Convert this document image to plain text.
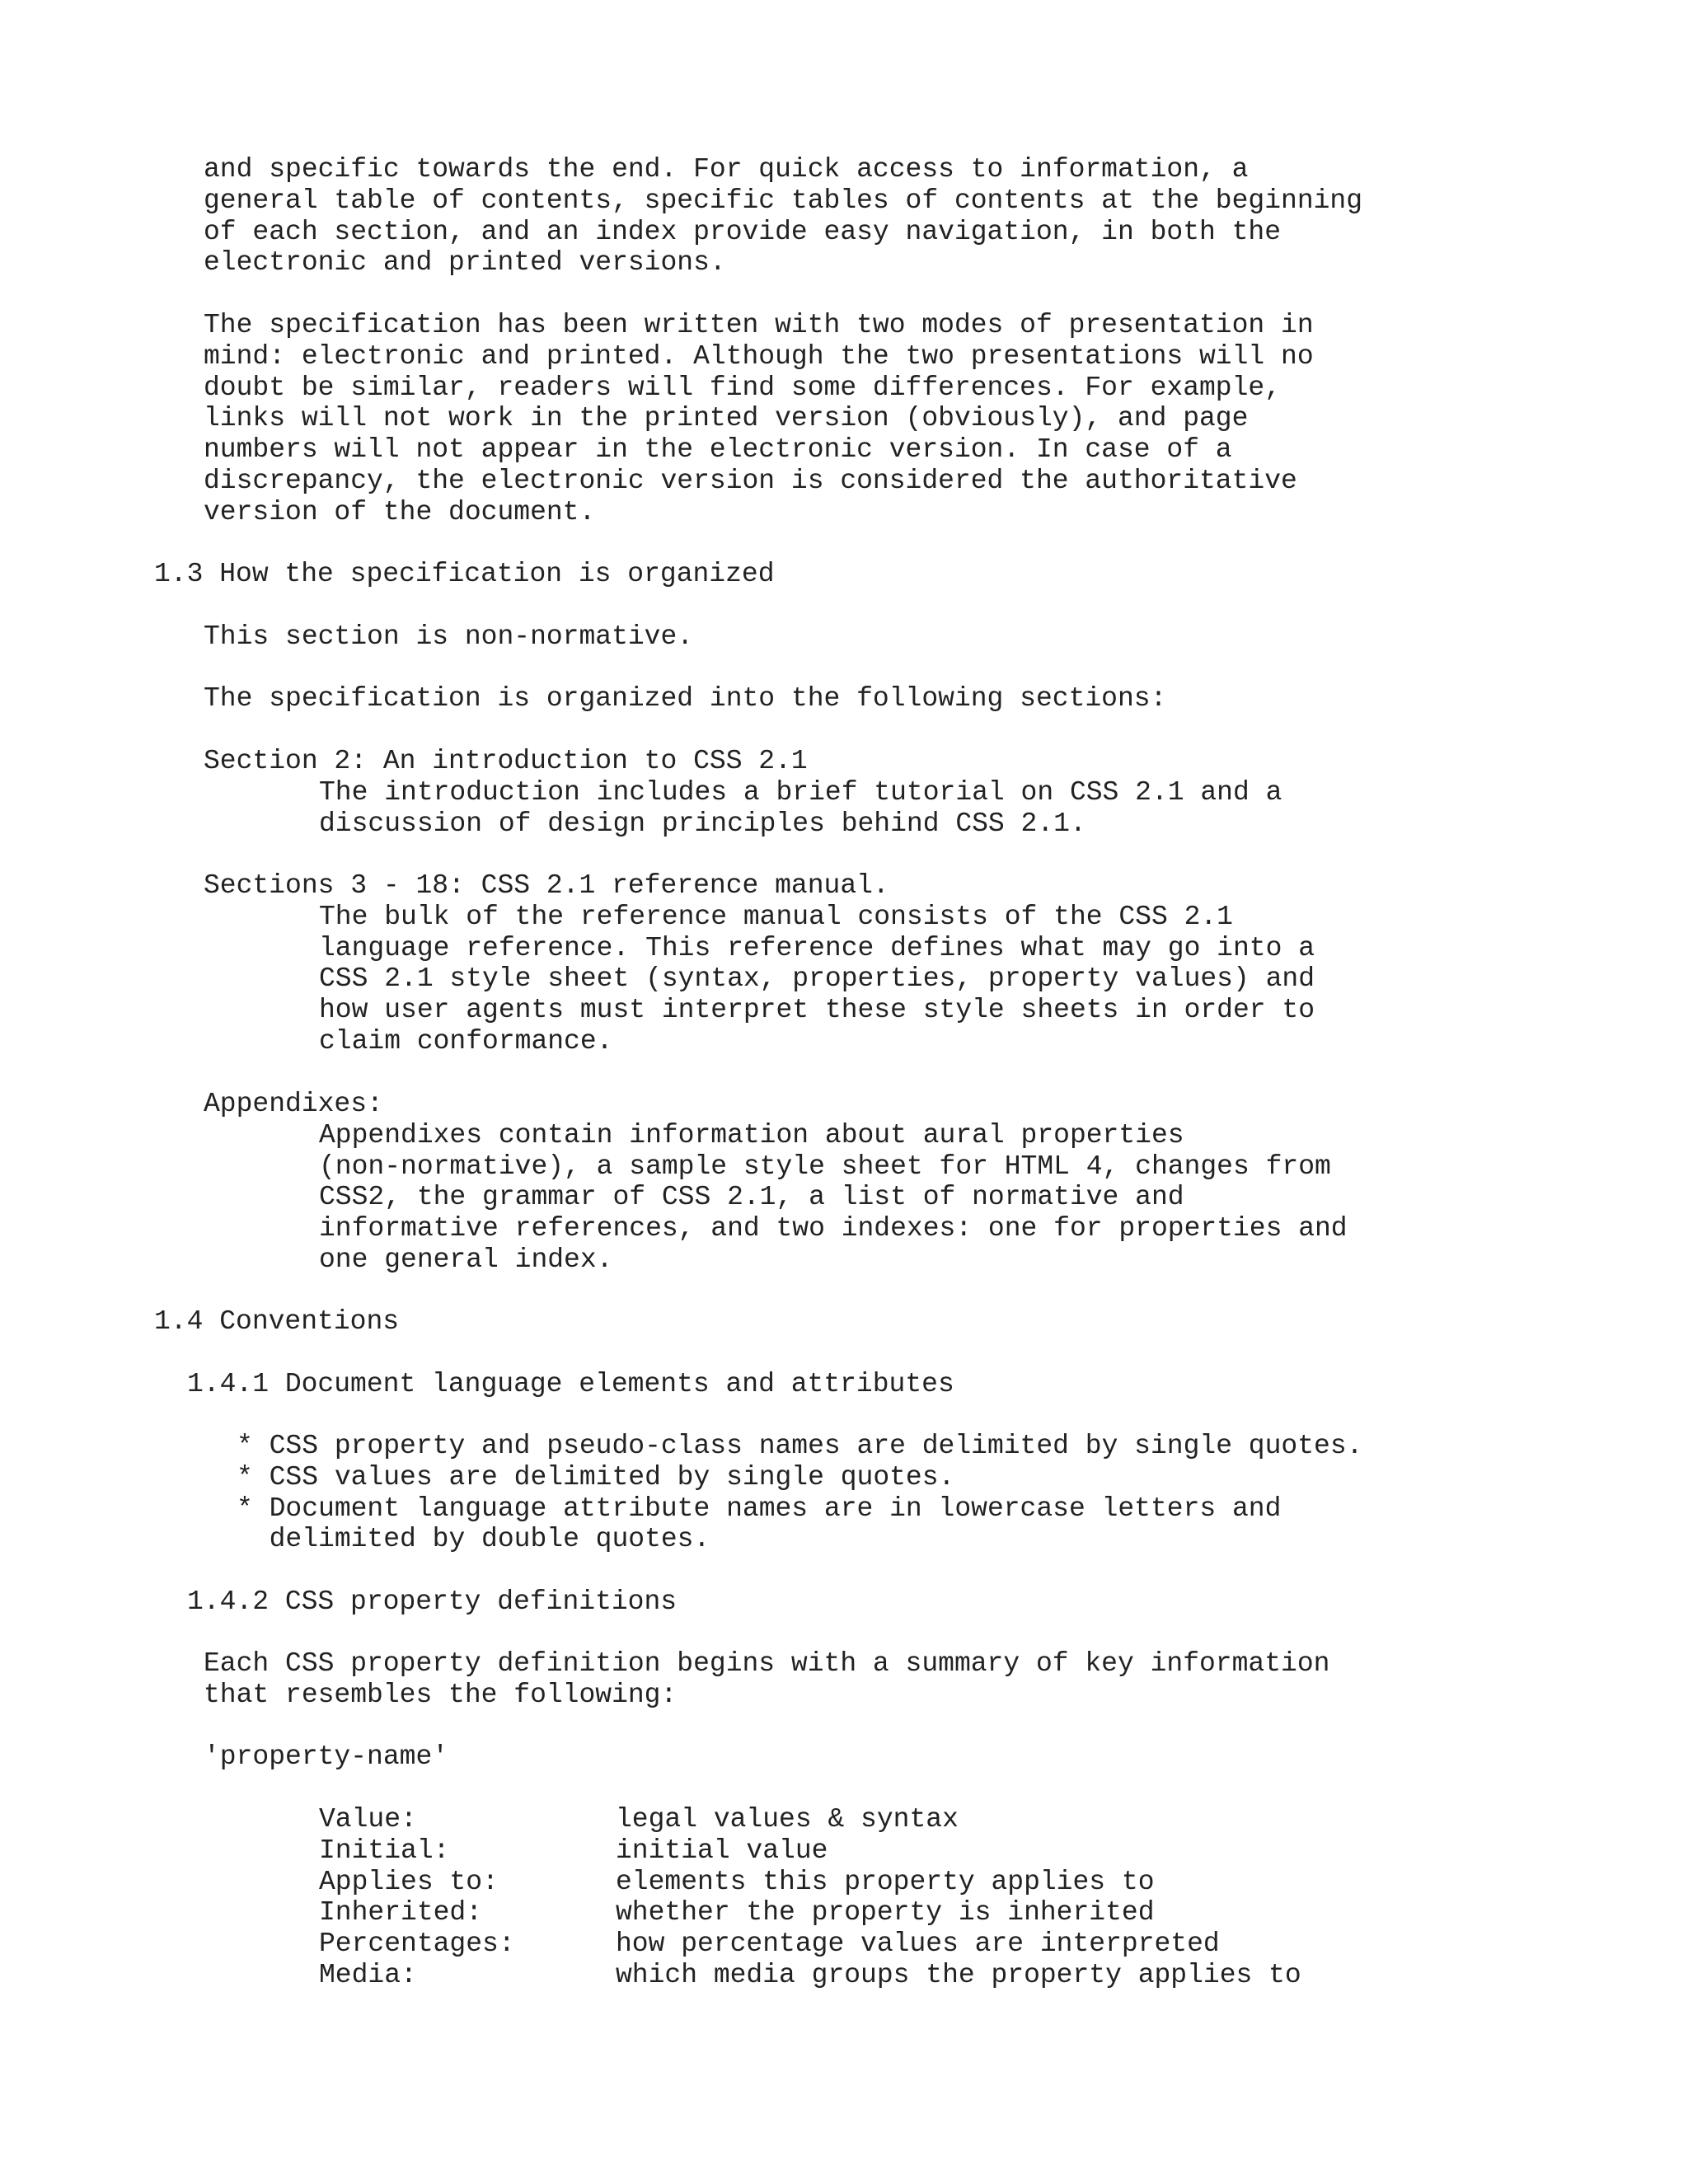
and specific towards the end. For quick access to information, a

general table of contents, specific tables of contents at the beginning

of each section, and an index provide easy navigation, in both the

electronic and printed versions.

The specification has been written with two modes of presentation in

mind: electronic and printed. Although the two presentations will no

doubt be similar, readers will find some differences. For example,

links will not work in the printed version (obviously), and page

numbers will not appear in the electronic version. In case of a

discrepancy, the electronic version is considered the authoritative

version of the document.

1.3 How the specification is organized

This section is non-normative.

The specification is organized into the following sections:

Section 2: An introduction to CSS 2.1

The introduction includes a brief tutorial on CSS 2.1 and a

discussion of design principles behind CSS 2.1.

Sections 3 - 18: CSS 2.1 reference manual.

The bulk of the reference manual consists of the CSS 2.1

language reference. This reference defines what may go into a

CSS 2.1 style sheet (syntax, properties, property values) and

how user agents must interpret these style sheets in order to

claim conformance.

Appendixes:

Appendixes contain information about aural properties

(non-normative), a sample style sheet for HTML 4, changes from

CSS2, the grammar of CSS 2.1, a list of normative and

informative references, and two indexes: one for properties and

one general index.

1.4 Conventions

1.4.1 Document language elements and attributes

* CSS property and pseudo-class names are delimited by single quotes.

* CSS values are delimited by single quotes.

* Document language attribute names are in lowercase letters and

delimited by double quotes.

1.4.2 CSS property definitions

Each CSS property definition begins with a summary of key information

that resembles the following:

'property-name'

Value:	legal values & syntax

Initial:	initial value

Applies to:	elements this property applies to

Inherited:	whether the property is inherited

Percentages:	how percentage values are interpreted

Media:	which media groups the property applies to
